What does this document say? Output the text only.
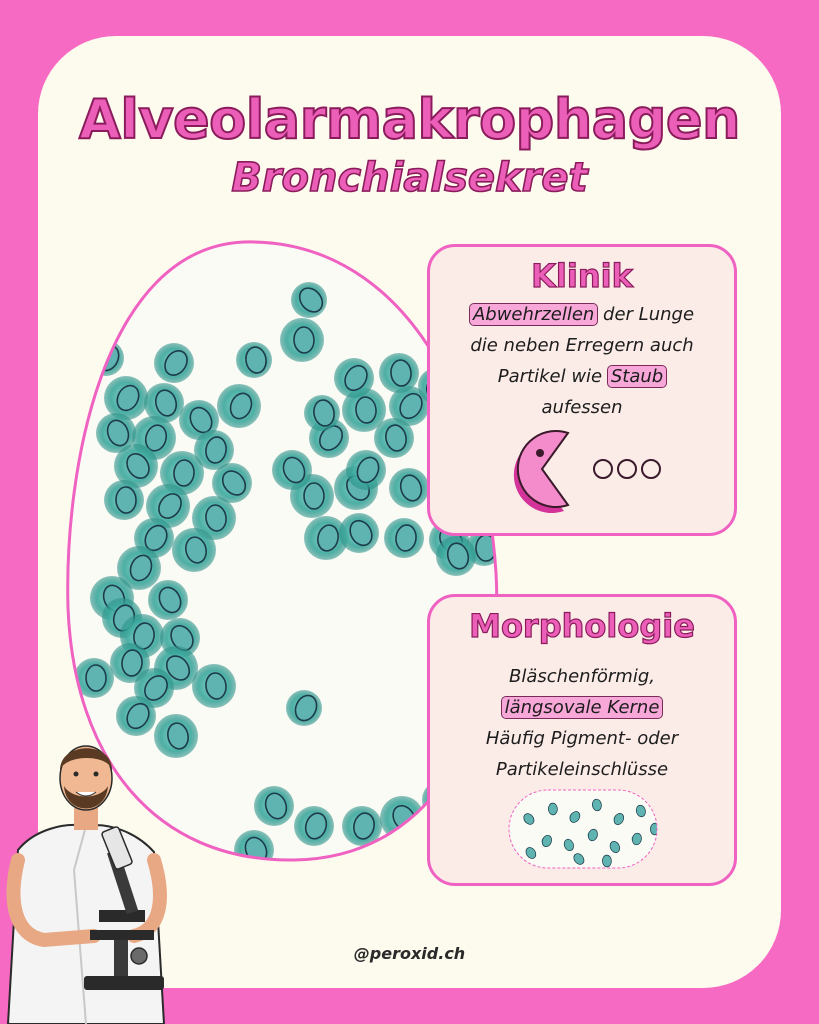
Alveolarmakrophagen
Bronchialsekret
Klinik
Abwehrzellen der Lunge
die neben Erregern auch
Partikel wie Staub
aufessen
Morphologie
Bläschenförmig,
längsovale Kerne
Häufig Pigment- oder
Partikeleinschlüsse
@peroxid.ch
